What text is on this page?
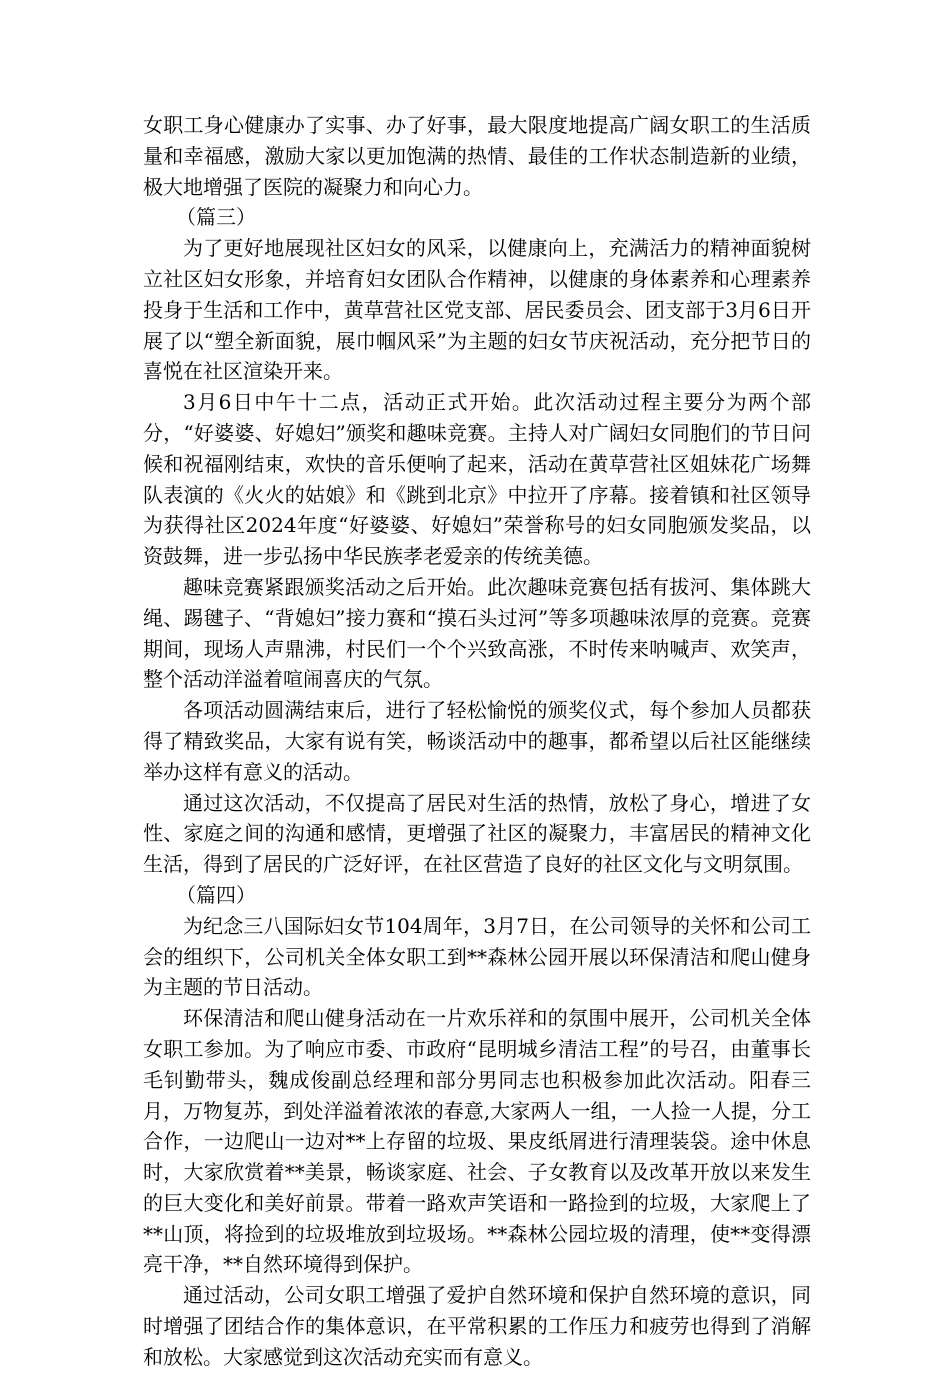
女职工身心健康办了实事、办了好事，最大限度地提高广阔女职工的生活质量和幸福感，激励大家以更加饱满的热情、最佳的工作状态制造新的业绩，极大地增强了医院的凝聚力和向心力。

（篇三）

为了更好地展现社区妇女的风采，以健康向上，充满活力的精神面貌树立社区妇女形象，并培育妇女团队合作精神，以健康的身体素养和心理素养投身于生活和工作中，黄草营社区党支部、居民委员会、团支部于3月6日开展了以“塑全新面貌，展巾帼风采”为主题的妇女节庆祝活动，充分把节日的喜悦在社区渲染开来。

3月6日中午十二点，活动正式开始。此次活动过程主要分为两个部分，“好婆婆、好媳妇”颁奖和趣味竞赛。主持人对广阔妇女同胞们的节日问候和祝福刚结束，欢快的音乐便响了起来，活动在黄草营社区姐妹花广场舞队表演的《火火的姑娘》和《跳到北京》中拉开了序幕。接着镇和社区领导为获得社区2024年度“好婆婆、好媳妇”荣誉称号的妇女同胞颁发奖品，以资鼓舞，进一步弘扬中华民族孝老爱亲的传统美德。

趣味竞赛紧跟颁奖活动之后开始。此次趣味竞赛包括有拔河、集体跳大绳、踢毽子、“背媳妇”接力赛和“摸石头过河”等多项趣味浓厚的竞赛。竞赛期间，现场人声鼎沸，村民们一个个兴致高涨，不时传来呐喊声、欢笑声，整个活动洋溢着喧闹喜庆的气氛。

各项活动圆满结束后，进行了轻松愉悦的颁奖仪式，每个参加人员都获得了精致奖品，大家有说有笑，畅谈活动中的趣事，都希望以后社区能继续举办这样有意义的活动。

通过这次活动，不仅提高了居民对生活的热情，放松了身心，增进了女性、家庭之间的沟通和感情，更增强了社区的凝聚力，丰富居民的精神文化生活，得到了居民的广泛好评，在社区营造了良好的社区文化与文明氛围。

（篇四）

为纪念三八国际妇女节104周年，3月7日，在公司领导的关怀和公司工会的组织下，公司机关全体女职工到**森林公园开展以环保清洁和爬山健身为主题的节日活动。

环保清洁和爬山健身活动在一片欢乐祥和的氛围中展开，公司机关全体女职工参加。为了响应市委、市政府“昆明城乡清洁工程”的号召，由董事长毛钊勤带头，魏成俊副总经理和部分男同志也积极参加此次活动。阳春三月，万物复苏，到处洋溢着浓浓的春意,大家两人一组，一人捡一人提，分工合作，一边爬山一边对**上存留的垃圾、果皮纸屑进行清理装袋。途中休息时，大家欣赏着**美景，畅谈家庭、社会、子女教育以及改革开放以来发生的巨大变化和美好前景。带着一路欢声笑语和一路捡到的垃圾，大家爬上了**山顶，将捡到的垃圾堆放到垃圾场。**森林公园垃圾的清理，使**变得漂亮干净，**自然环境得到保护。

通过活动，公司女职工增强了爱护自然环境和保护自然环境的意识，同时增强了团结合作的集体意识，在平常积累的工作压力和疲劳也得到了消解和放松。大家感觉到这次活动充实而有意义。
